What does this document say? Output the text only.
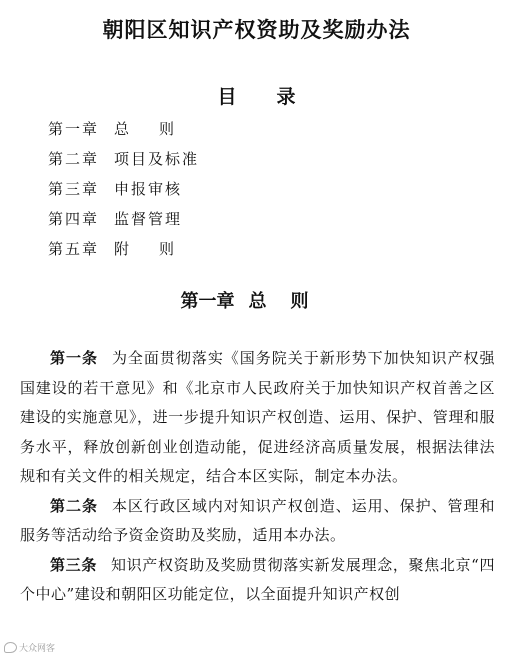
朝阳区知识产权资助及奖励办法
目 录
第一章 总则
第二章 项目及标准
第三章 申报审核
第四章 监督管理
第五章 附则
第一章 总则

第一条 为全面贯彻落实《国务院关于新形势下加快知识产权强国建设的若干意见》和《北京市人民政府关于加快知识产权首善之区建设的实施意见》，进一步提升知识产权创造、运用、保护、管理和服务水平，释放创新创业创造动能，促进经济高质量发展，根据法律法规和有关文件的相关规定，结合本区实际，制定本办法。

第二条 本区行政区域内对知识产权创造、运用、保护、管理和服务等活动给予资金资助及奖励，适用本办法。

第三条 知识产权资助及奖励贯彻落实新发展理念，聚焦北京“四个中心”建设和朝阳区功能定位，以全面提升知识产权创

大众网客
